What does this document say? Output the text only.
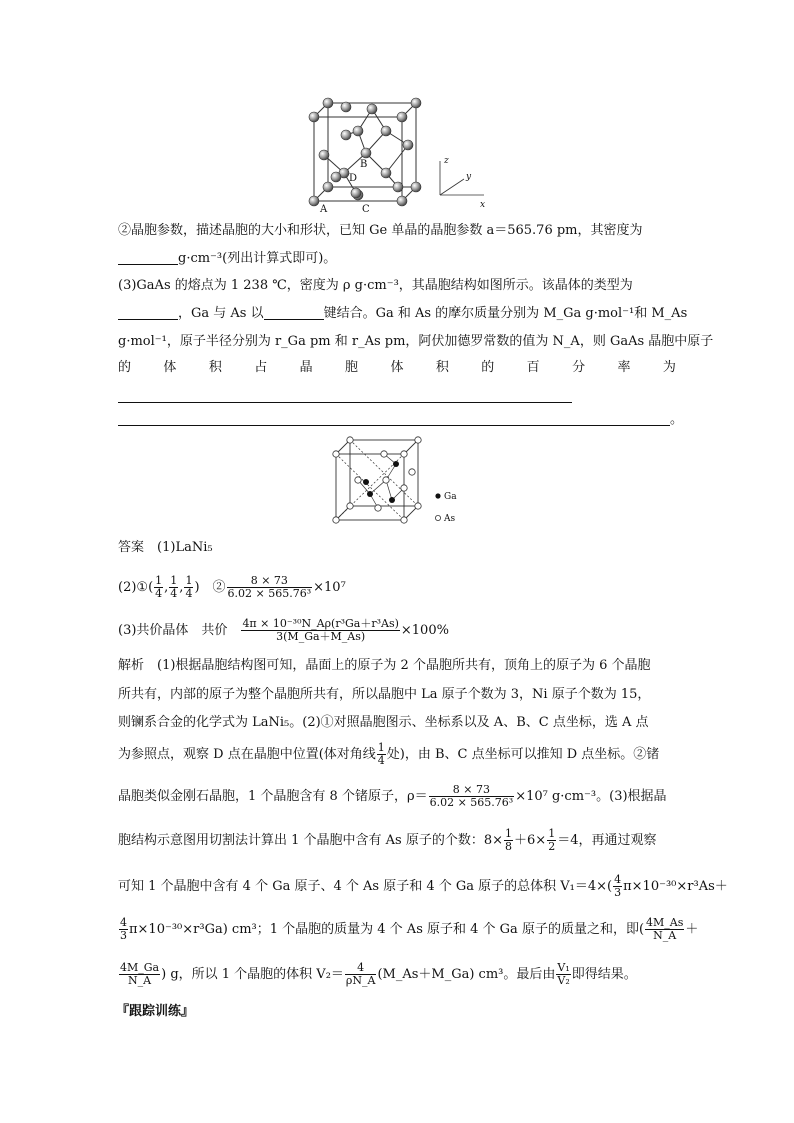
A	C
B
D
z
y
x
②晶胞参数，描述晶胞的大小和形状，已知 Ge 单晶的晶胞参数 a＝565.76 pm，其密度为
g·cm⁻³(列出计算式即可)。
(3)GaAs 的熔点为 1 238 ℃，密度为 ρ g·cm⁻³，其晶胞结构如图所示。该晶体的类型为
，Ga 与 As 以	键结合。Ga 和 As 的摩尔质量分别为 M_Ga g·mol⁻¹和 M_As
g·mol⁻¹，原子半径分别为 r_Ga pm 和 r_As pm，阿伏加德罗常数的值为 N_A，则 GaAs 晶胞中原子
的 体 积 占 晶 胞 体 积 的 百 分 率 为
。
Ga
As
答案　 (1)LaNi₅
(2)①( $\frac{1}{4}$ , $\frac{1}{4}$ , $\frac{1}{4}$ )　② $\frac{8 \times 73}{\text{6.02 × 565.76³}} \times 10^7$
(3)共价晶体　共价　 $\frac{\text{4π × 10⁻³⁰N\_Aρ(r³Ga＋r³As)}}{3(M\_Ga+M\_As)} \times 100\%$
解析　(1)根据晶胞结构图可知，晶面上的原子为 2 个晶胞所共有，顶角上的原子为 6 个晶胞
所共有，内部的原子为整个晶胞所共有，所以晶胞中 La 原子个数为 3，Ni 原子个数为 15，
则镧系合金的化学式为 LaNi₅。(2)①对照晶胞图示、坐标系以及 A、B、C 点坐标，选 A 点
为参照点，观察 D 点在晶胞中位置(体对角线 $\frac{1}{4}$ 处)，由 B、C 点坐标可以推知 D 点坐标。②锗
晶胞类似金刚石晶胞，1 个晶胞含有 8 个锗原子，$\rho= \frac{8 \times 73}{\text{6.02 × 565.76³}} \times 10^7$ g·cm⁻³。(3)根据晶
胞结构示意图用切割法计算出 1 个晶胞中含有 As 原子的个数：$8\times \frac{1}{8} +6\times \frac{1}{2} =4$，再通过观察
可知 1 个晶胞中含有 4 个 Ga 原子、4 个 As 原子和 4 个 Ga 原子的总体积 $V_1=4\times( \frac{4}{3} \pi\times 10^{-30}\times r^3As+$
$\frac{4}{3} \pi\times 10^{-30}\times r^3Ga$) cm³；1 个晶胞的质量为 4 个 As 原子和 4 个 Ga 原子的质量之和，即( $\frac{4M\_As}{N\_A}$ ＋
$\frac{4M\_Ga}{N\_A}$ ) g，所以 1 个晶胞的体积 $V_2= \frac{4}{\rho N\_A}$ (M_As＋M_Ga) cm³。最后由 $\frac{\text{V₁}}{\text{V₂}}$ 即得结果。
『跟踪训练』
